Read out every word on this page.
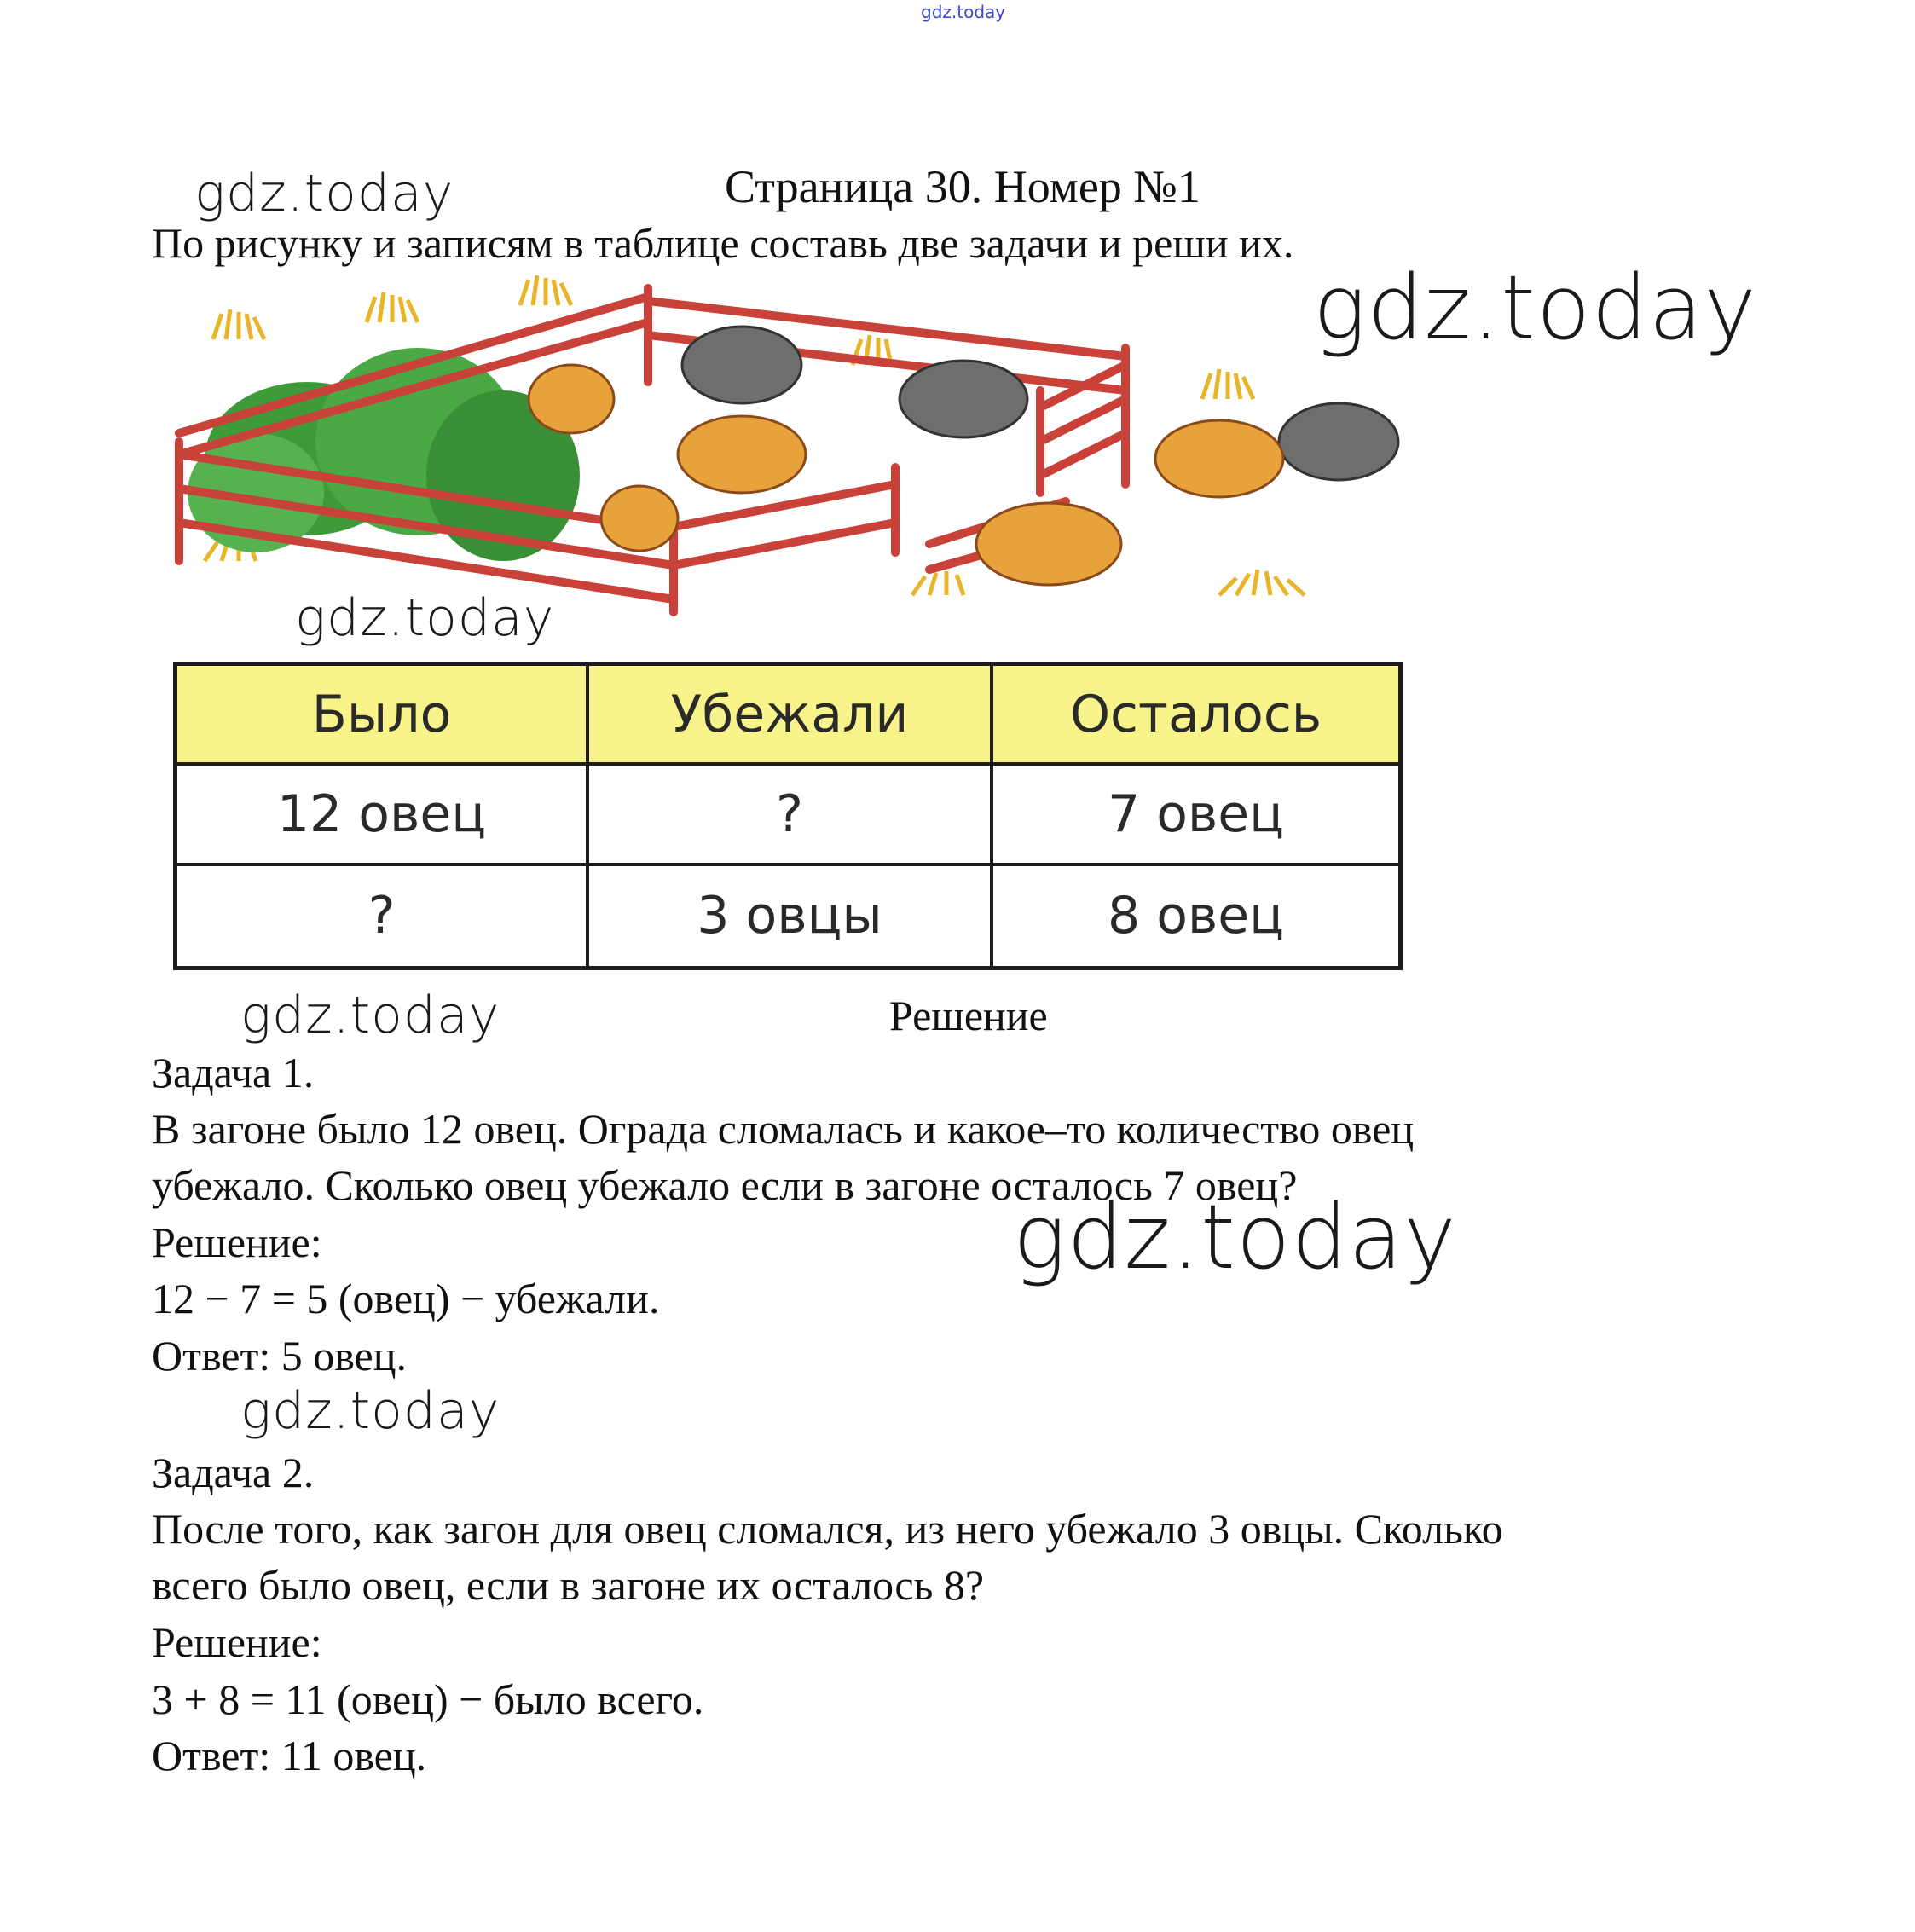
gdz.today
gdz.today
gdz.today
gdz.today
gdz.today
gdz.today
gdz.today
Страница 30. Номер №1
По рисунку и записям в таблице составь две задачи и реши их.
Было	Убежали	Осталось
12 овец	?	7 овец
?	3 овцы	8 овец
Решение
Задача 1.
В загоне было 12 овец. Ограда сломалась и какое–то количество овец
убежало. Сколько овец убежало если в загоне осталось 7 овец?
Решение:
12 − 7 = 5 (овец) − убежали.
Ответ: 5 овец.
Задача 2.
После того, как загон для овец сломался, из него убежало 3 овцы. Сколько
всего было овец, если в загоне их осталось 8?
Решение:
3 + 8 = 11 (овец) − было всего.
Ответ: 11 овец.
